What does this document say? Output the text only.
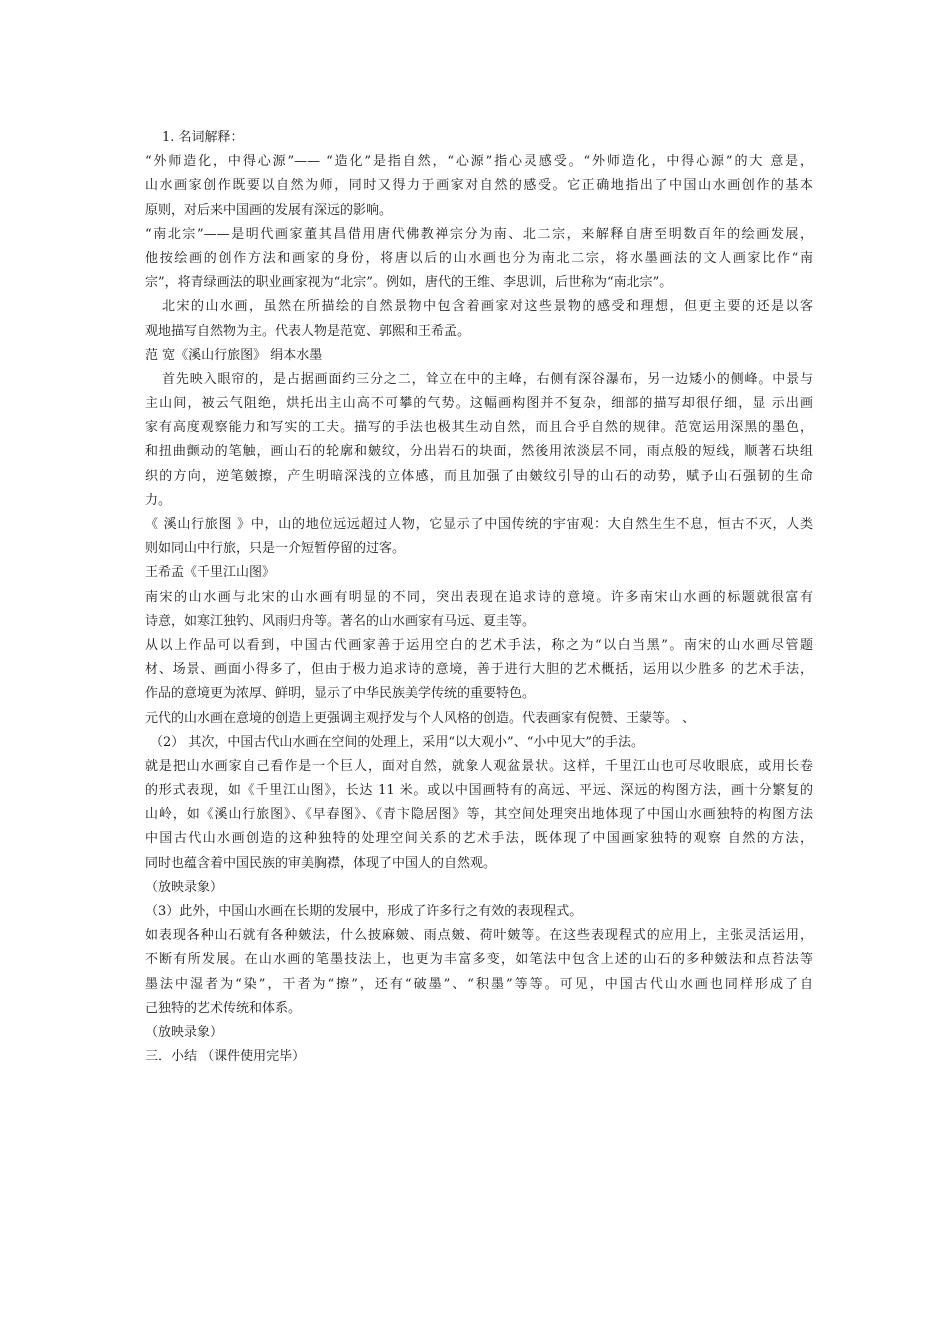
1. 名词解释：
“外师造化，中得心源”—— “造化”是指自然，“心源”指心灵感受。“外师造化，中得心源”的大 意是，
山水画家创作既要以自然为师，同时又得力于画家对自然的感受。它正确地指出了中国山水画创作的基本
原则，对后来中国画的发展有深远的影响。
“南北宗”——是明代画家董其昌借用唐代佛教禅宗分为南、北二宗，来解释自唐至明数百年的绘画发展，
他按绘画的创作方法和画家的身份，将唐以后的山水画也分为南北二宗，将水墨画法的文人画家比作“南
宗”，将青绿画法的职业画家视为“北宗”。例如，唐代的王维、李思训，后世称为“南北宗”。
北宋的山水画，虽然在所描绘的自然景物中包含着画家对这些景物的感受和理想，但更主要的还是以客
观地描写自然物为主。代表人物是范宽、郭熙和王希孟。
范 宽《溪山行旅图》 绢本水墨
首先映入眼帘的，是占据画面约三分之二，耸立在中的主峰，右侧有深谷瀑布，另一边矮小的侧峰。中景与
主山间，被云气阻绝，烘托出主山高不可攀的气势。这幅画构图并不复杂，细部的描写却很仔细，显 示出画
家有高度观察能力和写实的工夫。描写的手法也极其生动自然，而且合乎自然的规律。范宽运用深黑的墨色，
和扭曲颤动的笔触，画山石的轮廓和皴纹，分出岩石的块面，然後用浓淡层不同，雨点般的短线，顺著石块组
织的方向，逆笔皴擦，产生明暗深浅的立体感，而且加强了由皴纹引导的山石的动势，赋予山石强韧的生命
力。
《 溪山行旅图 》中，山的地位远远超过人物，它显示了中国传统的宇宙观：大自然生生不息，恒古不灭，人类
则如同山中行旅，只是一介短暂停留的过客。
王希孟《千里江山图》
南宋的山水画与北宋的山水画有明显的不同，突出表现在追求诗的意境。许多南宋山水画的标题就很富有
诗意，如寒江独钓、风雨归舟等。著名的山水画家有马远、夏圭等。
从以上作品可以看到，中国古代画家善于运用空白的艺术手法，称之为“以白当黑”。南宋的山水画尽管题
材、场景、画面小得多了，但由于极力追求诗的意境，善于进行大胆的艺术概括，运用以少胜多 的艺术手法，
作品的意境更为浓厚、鲜明，显示了中华民族美学传统的重要特色。
元代的山水画在意境的创造上更强调主观抒发与个人风格的创造。代表画家有倪赞、王蒙等。 、
（2） 其次，中国古代山水画在空间的处理上，采用“以大观小”、“小中见大”的手法。
就是把山水画家自己看作是一个巨人，面对自然，就象人观盆景状。这样，千里江山也可尽收眼底，或用长卷
的形式表现，如《千里江山图》，长达 11 米。或以中国画特有的高远、平远、深远的构图方法，画十分繁复的
山岭，如《溪山行旅图》、《早春图》、《青卞隐居图》等，其空间处理突出地体现了中国山水画独特的构图方法
中国古代山水画创造的这种独特的处理空间关系的艺术手法，既体现了中国画家独特的观察 自然的方法，
同时也蕴含着中国民族的审美胸襟，体现了中国人的自然观。
（放映录象）
（3）此外，中国山水画在长期的发展中，形成了许多行之有效的表现程式。
如表现各种山石就有各种皴法，什么披麻皴、雨点皴、荷叶皴等。在这些表现程式的应用上，主张灵活运用，
不断有所发展。在山水画的笔墨技法上，也更为丰富多变，如笔法中包含上述的山石的多种皴法和点苔法等
墨法中湿者为“染”，干者为“擦”，还有“破墨”、“积墨”等等。可见，中国古代山水画也同样形成了自
己独特的艺术传统和体系。
（放映录象）
三．小结 （课件使用完毕）
